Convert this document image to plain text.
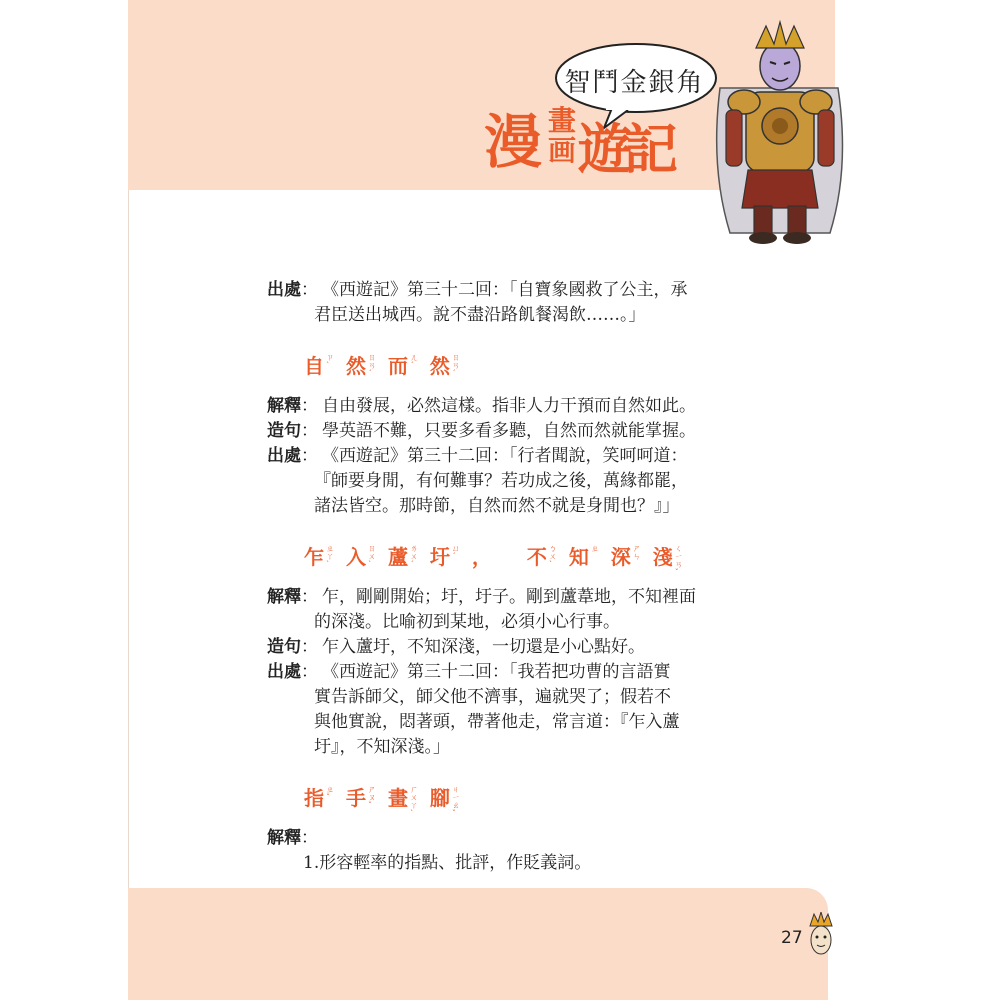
智鬥金銀角
漫 畫
画 遊
記
出處 ： 《西遊記》第三十二回：「自寶象國救了公主，承
君臣送出城西。說不盡沿路飢餐渴飲……。」
自ㄗˋ 然ㄖㄢˊ 而ㄦˊ 然ㄖㄢˊ
解釋 ： 自由發展，必然這樣。指非人力干預而自然如此。
造句 ： 學英語不難，只要多看多聽，自然而然就能掌握。
出處 ： 《西遊記》第三十二回：「行者聞說，笑呵呵道：
『師要身閒，有何難事？若功成之後，萬緣都罷，
諸法皆空。那時節，自然而然不就是身閒也？』」
乍ㄓㄚˋ 入ㄖㄨˋ 蘆ㄌㄨˊ 圩ㄩˊ ， 不ㄅㄨˋ 知ㄓ 深ㄕㄣ 淺ㄑㄧㄢˇ
解釋 ： 乍，剛剛開始；圩，圩子。剛到蘆葦地，不知裡面
的深淺。比喻初到某地，必須小心行事。
造句 ： 乍入蘆圩，不知深淺，一切還是小心點好。
出處 ： 《西遊記》第三十二回：「我若把功曹的言語實
實告訴師父，師父他不濟事，遍就哭了；假若不
與他實說，悶著頭，帶著他走，常言道：『乍入蘆
圩』，不知深淺。」
指ㄓˇ 手ㄕㄡˇ 畫ㄏㄨㄚˋ 腳ㄐㄧㄠˇ
解釋 ：
1.形容輕率的指點、批評，作貶義詞。
27
